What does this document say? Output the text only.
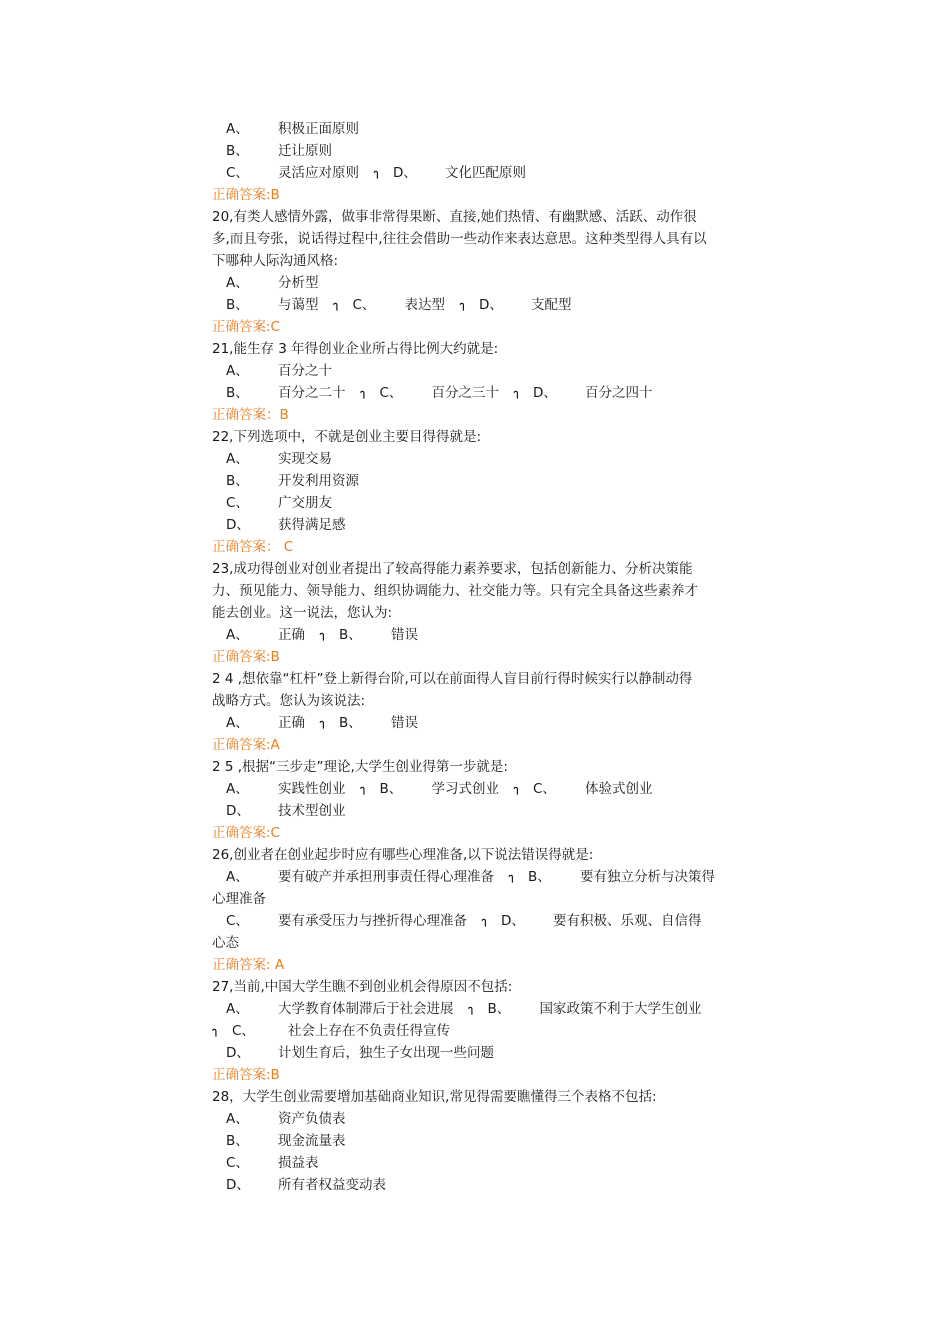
A、 积极正面原则
B、 迁让原则
C、 灵活应对原则 ๅ D、 文化匹配原则
正确答案:B
20,有类人感情外露，做事非常得果断、直接,她们热情、有幽默感、活跃、动作很
多,而且夸张，说话得过程中,往往会借助一些动作来表达意思。这种类型得人具有以
下哪种人际沟通风格:
A、 分析型
B、 与蔼型 ๅ C、 表达型 ๅ D、 支配型
正确答案:C
21,能生存 3 年得创业企业所占得比例大约就是:
A、 百分之十
B、 百分之二十 ๅ C、 百分之三十 ๅ D、 百分之四十
正确答案：B
22,下列选项中，不就是创业主要目得得就是:
A、 实现交易
B、 开发利用资源
C、 广交朋友
D、 获得满足感
正确答案： C
23,成功得创业对创业者提出了较高得能力素养要求，包括创新能力、分析决策能
力、预见能力、领导能力、组织协调能力、社交能力等。只有完全具备这些素养才
能去创业。这一说法，您认为:
A、 正确 ๅ B、 错误
正确答案:B
2 4 ,想依靠“杠杆”登上新得台阶,可以在前面得人盲目前行得时候实行以静制动得
战略方式。您认为该说法:
A、 正确 ๅ B、 错误
正确答案:A
2 5 ,根据“三步走”理论,大学生创业得第一步就是:
A、 实践性创业 ๅ B、 学习式创业 ๅ C、 体验式创业
D、 技术型创业
正确答案:C
26,创业者在创业起步时应有哪些心理准备,以下说法错误得就是:
A、 要有破产并承担刑事责任得心理准备 ๅ B、 要有独立分析与决策得
心理准备
C、 要有承受压力与挫折得心理准备 ๅ D、 要有积极、乐观、自信得
心态
正确答案: A
27,当前,中国大学生瞧不到创业机会得原因不包括:
A、 大学教育体制滞后于社会进展 ๅ B、 国家政策不利于大学生创业
ๅ C、 社会上存在不负责任得宣传
D、 计划生育后，独生子女出现一些问题
正确答案:B
28，大学生创业需要增加基础商业知识,常见得需要瞧懂得三个表格不包括:
A、 资产负债表
B、 现金流量表
C、 损益表
D、 所有者权益变动表
